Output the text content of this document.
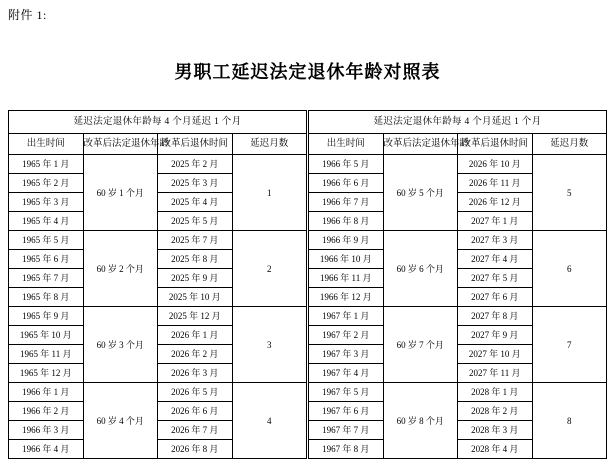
附件 1:
男职工延迟法定退休年龄对照表
延迟法定退休年龄每 4 个月延迟 1 个月			
出生时间	改革后法定退休年龄	改革后退休时间	延迟月数
1965 年 1 月	60 岁 1 个月	2025 年 2 月	1
1965 年 2 月		2025 年 3 月	
1965 年 3 月		2025 年 4 月	
1965 年 4 月		2025 年 5 月	
1965 年 5 月	60 岁 2 个月	2025 年 7 月	2
1965 年 6 月		2025 年 8 月	
1965 年 7 月		2025 年 9 月	
1965 年 8 月		2025 年 10 月	
1965 年 9 月	60 岁 3 个月	2025 年 12 月	3
1965 年 10 月		2026 年 1 月	
1965 年 11 月		2026 年 2 月	
1965 年 12 月		2026 年 3 月	
1966 年 1 月	60 岁 4 个月	2026 年 5 月	4
1966 年 2 月		2026 年 6 月	
1966 年 3 月		2026 年 7 月	
1966 年 4 月		2026 年 8 月	
延迟法定退休年龄每 4 个月延迟 1 个月			
出生时间	改革后法定退休年龄	改革后退休时间	延迟月数
1966 年 5 月	60 岁 5 个月	2026 年 10 月	5
1966 年 6 月		2026 年 11 月	
1966 年 7 月		2026 年 12 月	
1966 年 8 月		2027 年 1 月	
1966 年 9 月	60 岁 6 个月	2027 年 3 月	6
1966 年 10 月		2027 年 4 月	
1966 年 11 月		2027 年 5 月	
1966 年 12 月		2027 年 6 月	
1967 年 1 月	60 岁 7 个月	2027 年 8 月	7
1967 年 2 月		2027 年 9 月	
1967 年 3 月		2027 年 10 月	
1967 年 4 月		2027 年 11 月	
1967 年 5 月	60 岁 8 个月	2028 年 1 月	8
1967 年 6 月		2028 年 2 月	
1967 年 7 月		2028 年 3 月	
1967 年 8 月		2028 年 4 月	
